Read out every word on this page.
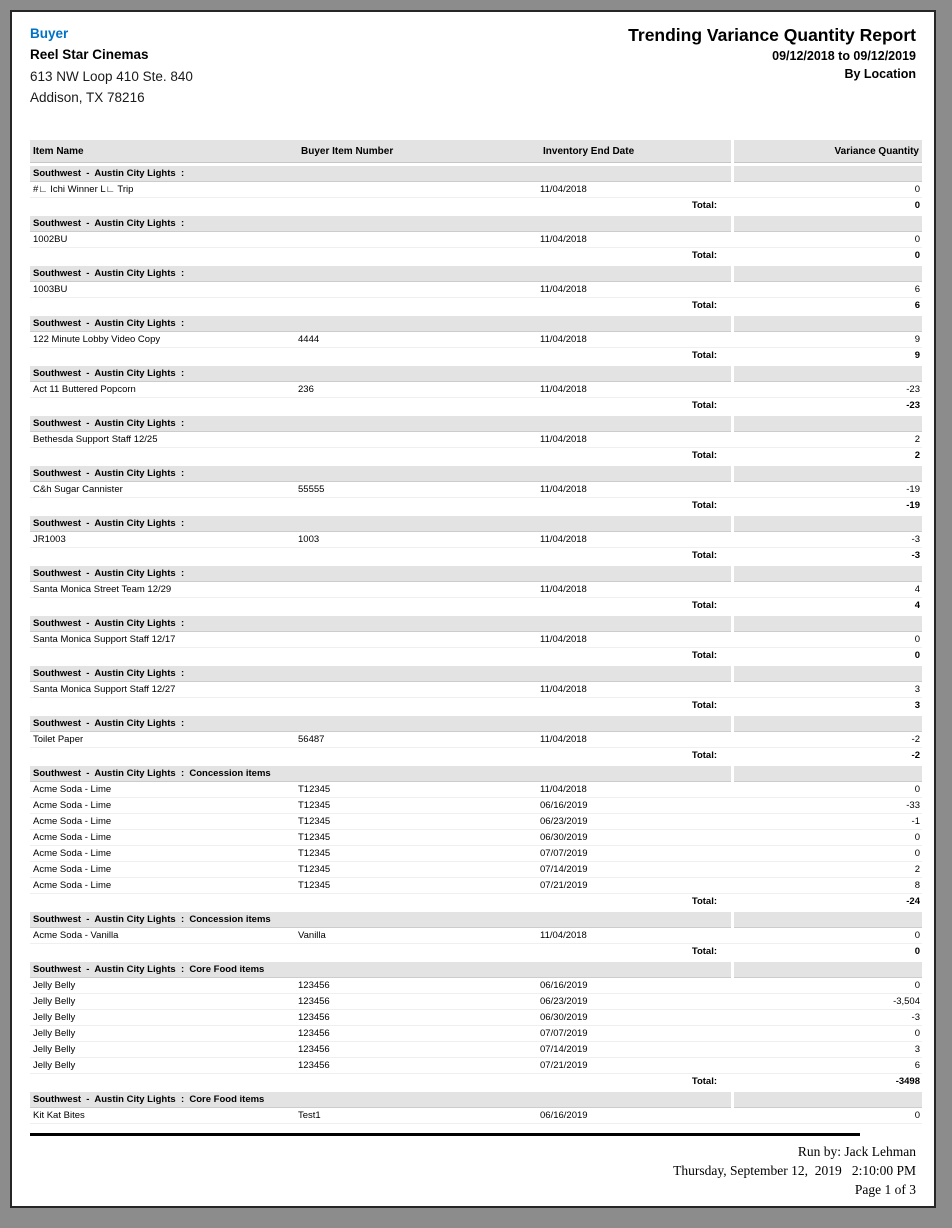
Buyer
Reel Star Cinemas
613 NW Loop 410 Ste. 840
Addison, TX 78216
Trending Variance Quantity Report
09/12/2018 to 09/12/2019
By Location
Item Name	Buyer Item Number	Inventory End Date	Variance Quantity
Southwest  -  Austin City Lights  :
#∟ Ichi Winner L∟ Trip	11/04/2018	0
Total:	0
Southwest  -  Austin City Lights  :
1002BU	11/04/2018	0
Total:	0
Southwest  -  Austin City Lights  :
1003BU	11/04/2018	6
Total:	6
Southwest  -  Austin City Lights  :
122 Minute Lobby Video Copy	4444	11/04/2018	9
Total:	9
Southwest  -  Austin City Lights  :
Act 11 Buttered Popcorn	236	11/04/2018	-23
Total:	-23
Southwest  -  Austin City Lights  :
Bethesda Support Staff 12/25	11/04/2018	2
Total:	2
Southwest  -  Austin City Lights  :
C&h Sugar Cannister	55555	11/04/2018	-19
Total:	-19
Southwest  -  Austin City Lights  :
JR1003	1003	11/04/2018	-3
Total:	-3
Southwest  -  Austin City Lights  :
Santa Monica Street Team 12/29	11/04/2018	4
Total:	4
Southwest  -  Austin City Lights  :
Santa Monica Support Staff 12/17	11/04/2018	0
Total:	0
Southwest  -  Austin City Lights  :
Santa Monica Support Staff 12/27	11/04/2018	3
Total:	3
Southwest  -  Austin City Lights  :
Toilet Paper	56487	11/04/2018	-2
Total:	-2
Southwest  -  Austin City Lights  :  Concession items
Acme Soda - Lime	T12345	11/04/2018	0
Acme Soda - Lime	T12345	06/16/2019	-33
Acme Soda - Lime	T12345	06/23/2019	-1
Acme Soda - Lime	T12345	06/30/2019	0
Acme Soda - Lime	T12345	07/07/2019	0
Acme Soda - Lime	T12345	07/14/2019	2
Acme Soda - Lime	T12345	07/21/2019	8
Total:	-24
Southwest  -  Austin City Lights  :  Concession items
Acme Soda - Vanilla	Vanilla	11/04/2018	0
Total:	0
Southwest  -  Austin City Lights  :  Core Food items
Jelly Belly	123456	06/16/2019	0
Jelly Belly	123456	06/23/2019	-3,504
Jelly Belly	123456	06/30/2019	-3
Jelly Belly	123456	07/07/2019	0
Jelly Belly	123456	07/14/2019	3
Jelly Belly	123456	07/21/2019	6
Total:	-3498
Southwest  -  Austin City Lights  :  Core Food items
Kit Kat Bites	Test1	06/16/2019	0
Run by: Jack Lehman
Thursday, September 12,  2019   2:10:00 PM
Page 1 of 3
